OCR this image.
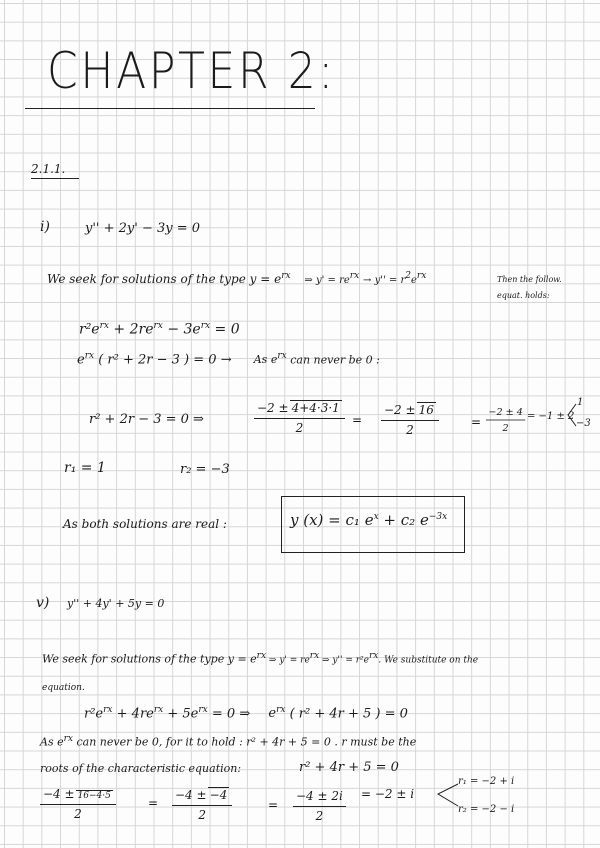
CHAPTER 2:
2.1.1.
i)	y'' + 2y' − 3y = 0
We seek for solutions of the type $y = e^{rx}$ ⇒ $y' = re^{rx} \to y'' = r^2e^{rx}$	Then the follow.
equat. holds:
$r^2e^{rx} + 2re^{rx} - 3e^{rx} = 0$
$e^{rx}$ ( r² + 2r − 3 ) = 0 → As $e^{rx}$ can never be 0 :
r² + 2r − 3 = 0 ⇒
−2 ± 4+4·3·1
2
=
−2 ± 16
2
=
−2 ± 4
2
= −1 ± 2
1
−3
r₁ = 1	r₂ = −3
As both solutions are real :	y (x) = c₁ $e^x + c_2$ $e^{-3x}$
v) y'' + 4y' + 5y = 0
We seek for solutions of the type $y = e^{rx}$ ⇒ $y' = re^{rx}$ ⇒ $y'' = r^2e^{rx}$. We substitute on the
equation.
$r^2e^{rx} + 4re^{rx} + 5e^{rx} = 0$ ⇒ $e^{rx}$ ( r² + 4r + 5 ) = 0
As $e^{rx}$ can never be 0, for it to hold : r² + 4r + 5 = 0 . r must be the
roots of the characteristic equation:	r² + 4r + 5 = 0
−4 ± 16−4·5
2
=
−4 ± −4
2
=
−4 ± 2i
2
= −2 ± i
r₁ = −2 + i
r₂ = −2 − i
